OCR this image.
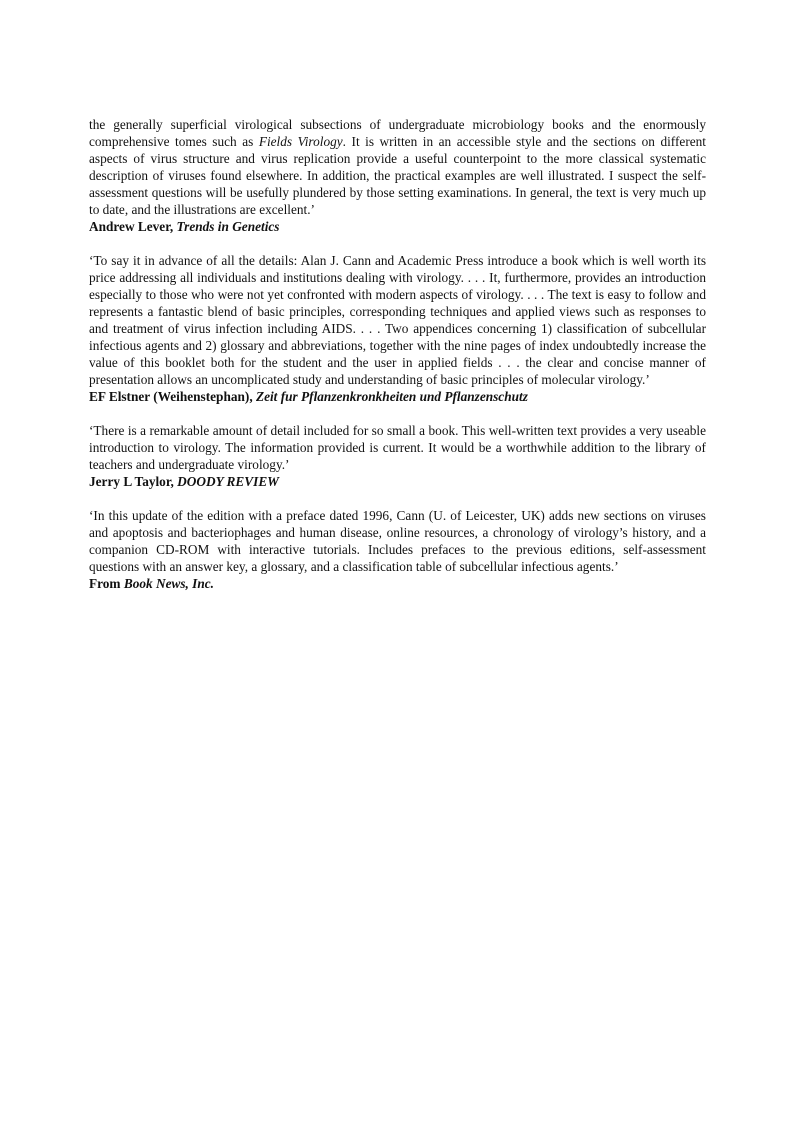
the generally superficial virological subsections of undergraduate microbiology books and the enormously comprehensive tomes such as Fields Virology. It is written in an accessible style and the sections on different aspects of virus structure and virus replication provide a useful counterpoint to the more classical systematic description of viruses found elsewhere. In addition, the practical examples are well illustrated. I suspect the self-assessment questions will be usefully plundered by those setting examinations. In general, the text is very much up to date, and the illustrations are excellent.’

Andrew Lever, Trends in Genetics

‘To say it in advance of all the details: Alan J. Cann and Academic Press introduce a book which is well worth its price addressing all individuals and institutions dealing with virology. . . . It, furthermore, provides an introduction especially to those who were not yet confronted with modern aspects of virology. . . . The text is easy to follow and represents a fantastic blend of basic principles, corresponding techniques and applied views such as responses to and treatment of virus infection including AIDS. . . . Two appendices concerning 1) classification of subcellular infectious agents and 2) glossary and abbreviations, together with the nine pages of index undoubtedly increase the value of this booklet both for the student and the user in applied fields . . . the clear and concise manner of presentation allows an uncomplicated study and understanding of basic principles of molecular virology.’

EF Elstner (Weihenstephan), Zeit fur Pflanzenkronkheiten und Pflanzenschutz

‘There is a remarkable amount of detail included for so small a book. This well-written text provides a very useable introduction to virology. The information provided is current. It would be a worthwhile addition to the library of teachers and undergraduate virology.’

Jerry L Taylor, DOODY REVIEW

‘In this update of the edition with a preface dated 1996, Cann (U. of Leicester, UK) adds new sections on viruses and apoptosis and bacteriophages and human disease, online resources, a chronology of virology’s history, and a companion CD-ROM with interactive tutorials. Includes prefaces to the previous editions, self-assessment questions with an answer key, a glossary, and a classification table of subcellular infectious agents.’

From Book News, Inc.
